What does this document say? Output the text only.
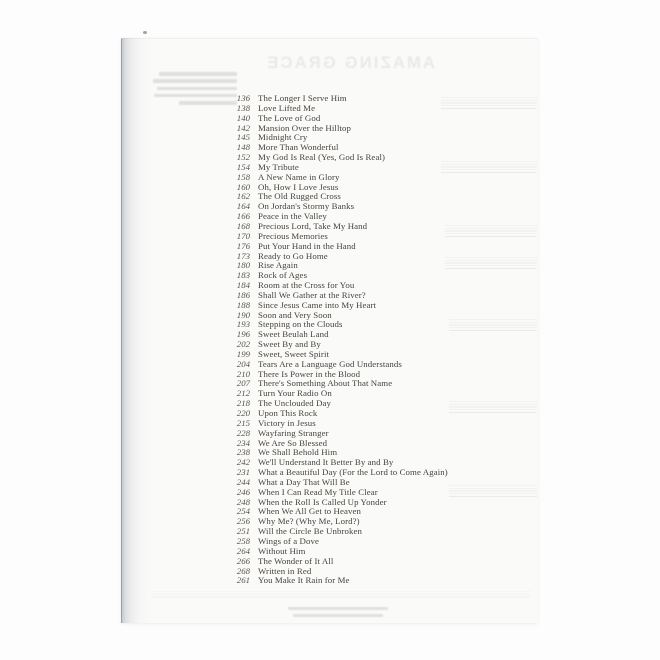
AMAZING GRACE
136 The Longer I Serve Him
138 Love Lifted Me
140 The Love of God
142 Mansion Over the Hilltop
145 Midnight Cry
148 More Than Wonderful
152 My God Is Real (Yes, God Is Real)
154 My Tribute
158 A New Name in Glory
160 Oh, How I Love Jesus
162 The Old Rugged Cross
164 On Jordan's Stormy Banks
166 Peace in the Valley
168 Precious Lord, Take My Hand
170 Precious Memories
176 Put Your Hand in the Hand
173 Ready to Go Home
180 Rise Again
183 Rock of Ages
184 Room at the Cross for You
186 Shall We Gather at the River?
188 Since Jesus Came into My Heart
190 Soon and Very Soon
193 Stepping on the Clouds
196 Sweet Beulah Land
202 Sweet By and By
199 Sweet, Sweet Spirit
204 Tears Are a Language God Understands
210 There Is Power in the Blood
207 There's Something About That Name
212 Turn Your Radio On
218 The Unclouded Day
220 Upon This Rock
215 Victory in Jesus
228 Wayfaring Stranger
234 We Are So Blessed
238 We Shall Behold Him
242 We'll Understand It Better By and By
231 What a Beautiful Day (For the Lord to Come Again)
244 What a Day That Will Be
246 When I Can Read My Title Clear
248 When the Roll Is Called Up Yonder
254 When We All Get to Heaven
256 Why Me? (Why Me, Lord?)
251 Will the Circle Be Unbroken
258 Wings of a Dove
264 Without Him
266 The Wonder of It All
268 Written in Red
261 You Make It Rain for Me
